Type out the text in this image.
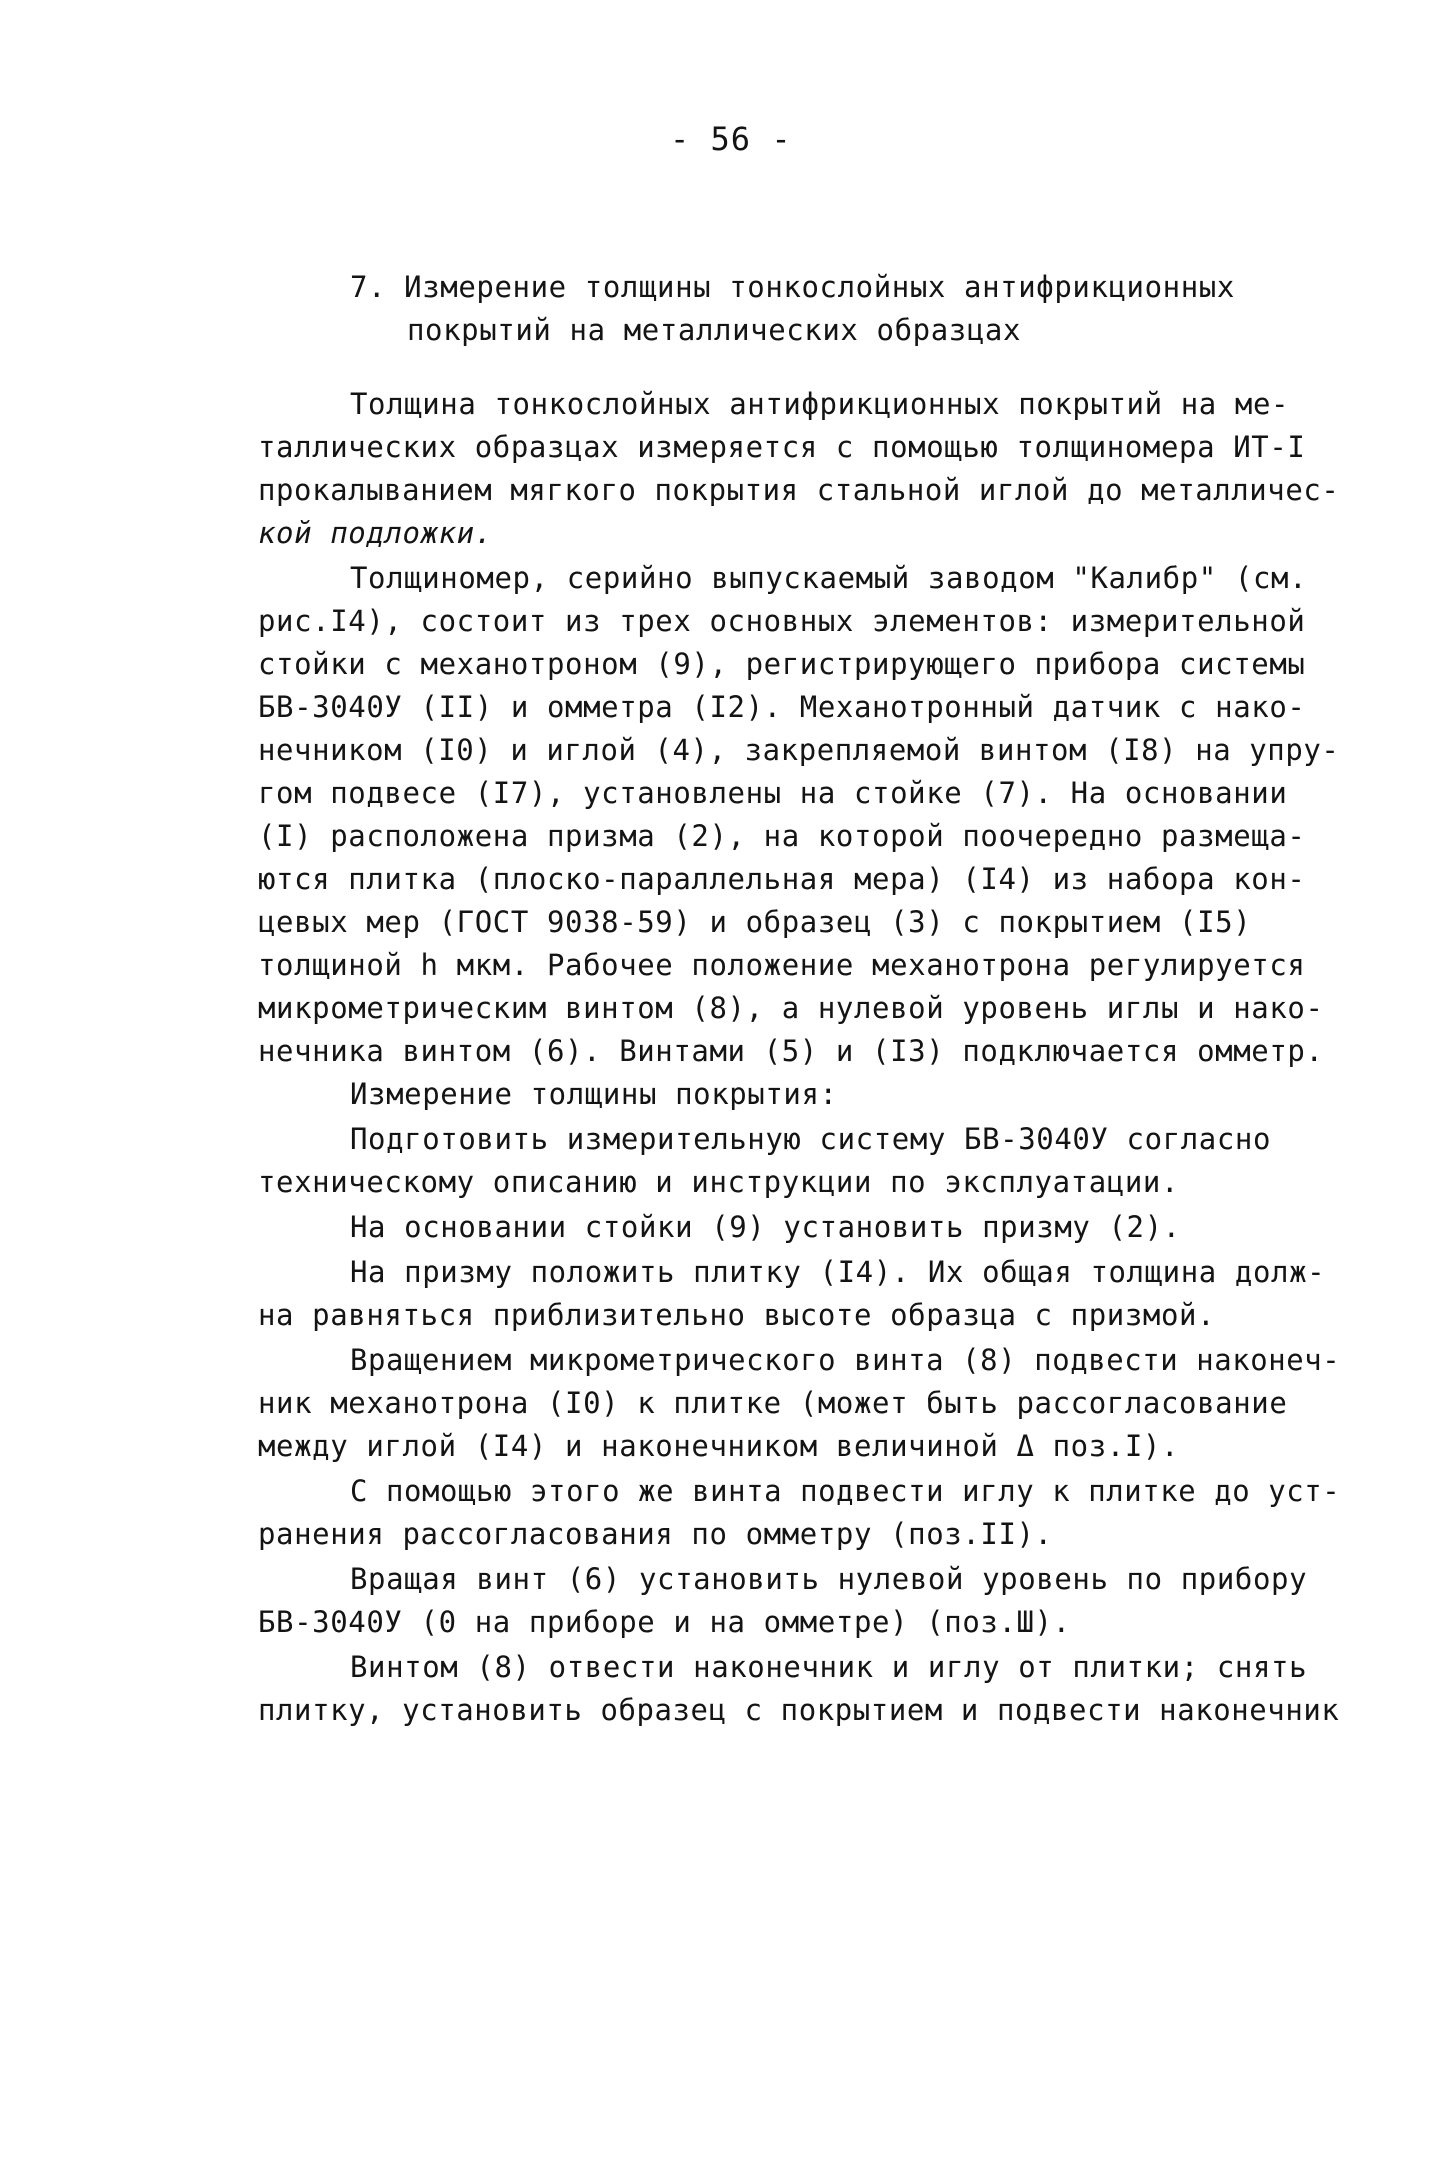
- 56 -
7. Измерение толщины тонкослойных антифрикционных
покрытий на металлических образцах
Толщина тонкослойных антифрикционных покрытий на ме-
таллических образцах измеряется с помощью толщиномера ИТ-I
прокалыванием мягкого покрытия стальной иглой до металличес-
кой подложки.
Толщиномер, серийно выпускаемый заводом "Калибр" (см.
рис.I4), состоит из трех основных элементов: измерительной
стойки с механотроном (9), регистрирующего прибора системы
БВ-3040У (II) и омметра (I2). Механотронный датчик с нако-
нечником (I0) и иглой (4), закрепляемой винтом (I8) на упру-
гом подвесе (I7), установлены на стойке (7). На основании
(I) расположена призма (2), на которой поочередно размеща-
ются плитка (плоско-параллельная мера) (I4) из набора кон-
цевых мер (ГОСТ 9038-59) и образец (3) с покрытием (I5)
толщиной h мкм. Рабочее положение механотрона регулируется
микрометрическим винтом (8), а нулевой уровень иглы и нако-
нечника винтом (6). Винтами (5) и (I3) подключается омметр.
Измерение толщины покрытия:
Подготовить измерительную систему БВ-3040У согласно
техническому описанию и инструкции по эксплуатации.
На основании стойки (9) установить призму (2).
На призму положить плитку (I4). Их общая толщина долж-
на равняться приблизительно высоте образца с призмой.
Вращением микрометрического винта (8) подвести наконеч-
ник механотрона (I0) к плитке (может быть рассогласование
между иглой (I4) и наконечником величиной Δ поз.I).
С помощью этого же винта подвести иглу к плитке до уст-
ранения рассогласования по омметру (поз.II).
Вращая винт (6) установить нулевой уровень по прибору
БВ-3040У (0 на приборе и на омметре) (поз.Ш).
Винтом (8) отвести наконечник и иглу от плитки; снять
плитку, установить образец с покрытием и подвести наконечник
